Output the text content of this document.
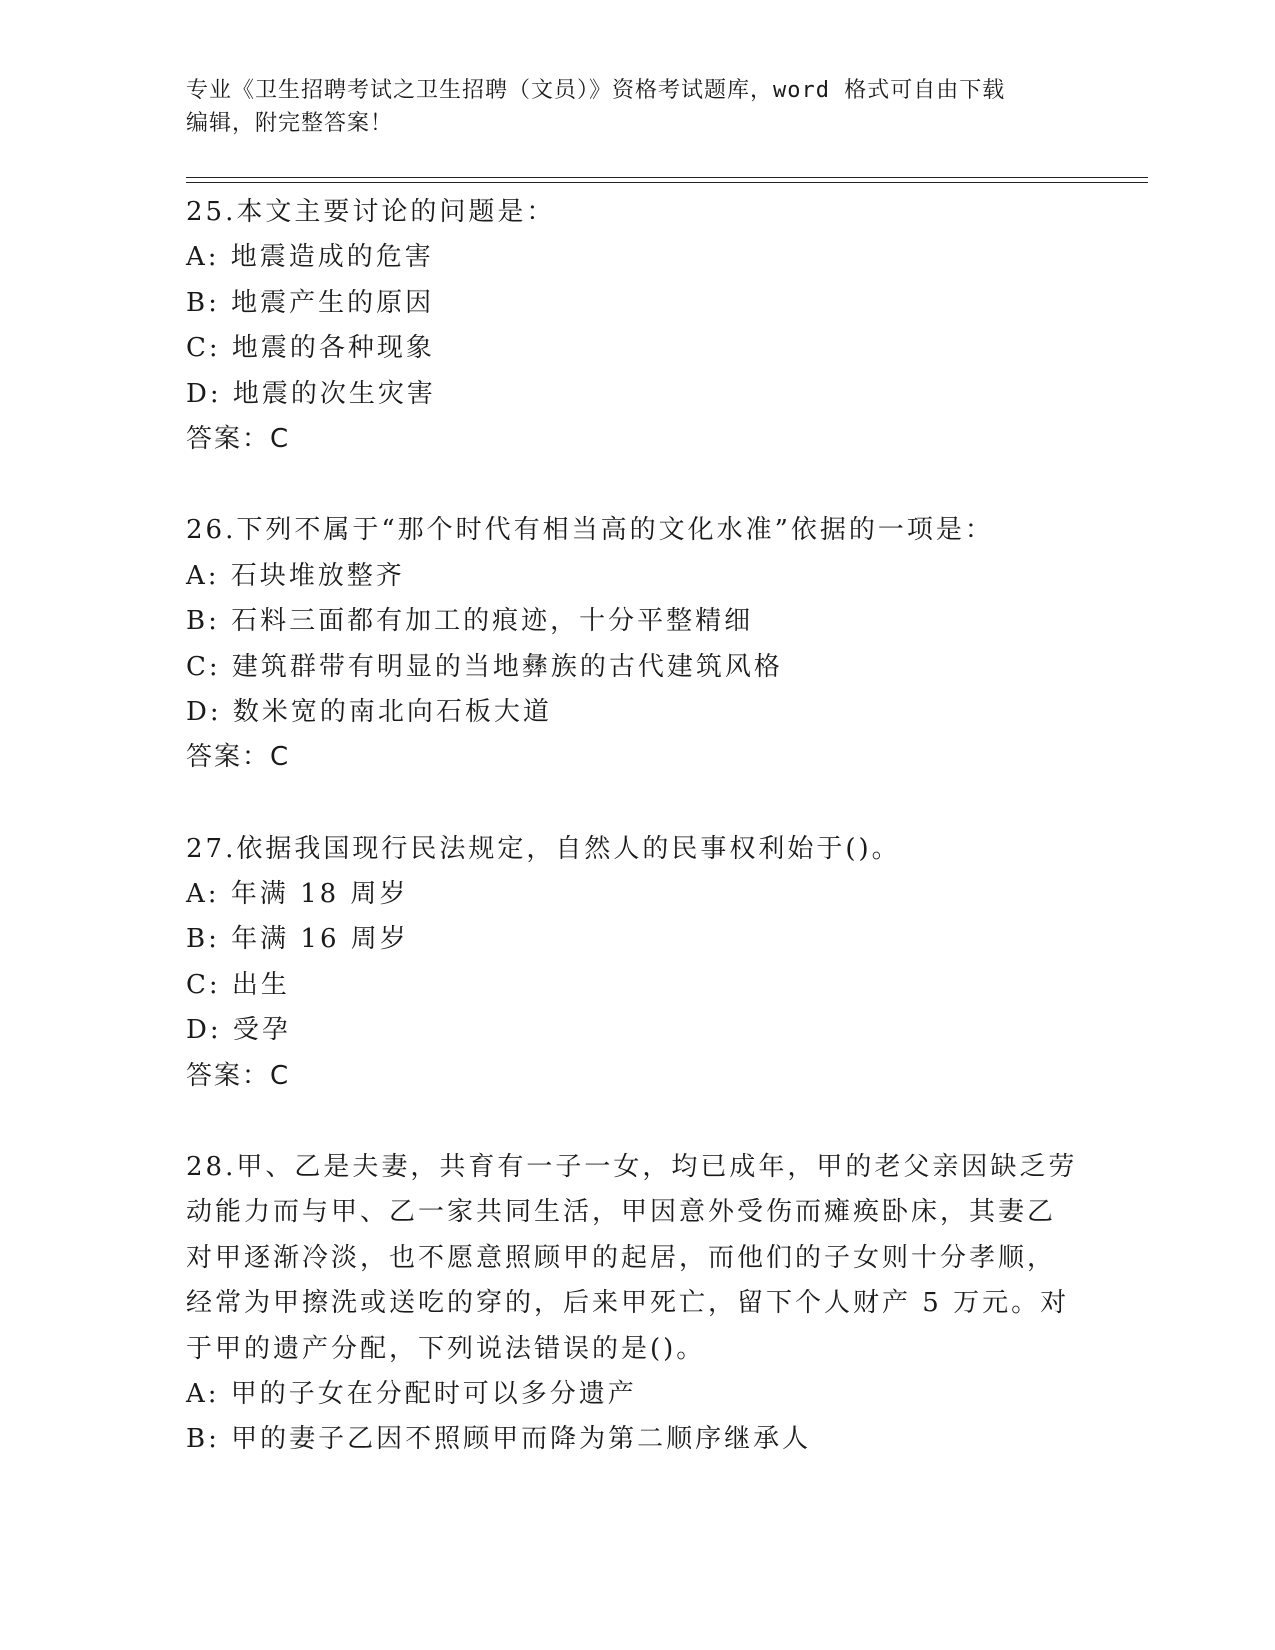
专业《卫生招聘考试之卫生招聘（文员）》资格考试题库，word 格式可自由下载
编辑，附完整答案！
25.本文主要讨论的问题是：
A: 地震造成的危害
B: 地震产生的原因
C: 地震的各种现象
D: 地震的次生灾害
答案：C
26.下列不属于“那个时代有相当高的文化水准”依据的一项是：
A: 石块堆放整齐
B: 石料三面都有加工的痕迹，十分平整精细
C: 建筑群带有明显的当地彝族的古代建筑风格
D: 数米宽的南北向石板大道
答案：C
27.依据我国现行民法规定，自然人的民事权利始于()。
A: 年满 18 周岁
B: 年满 16 周岁
C: 出生
D: 受孕
答案：C
28.甲、乙是夫妻，共育有一子一女，均已成年，甲的老父亲因缺乏劳
动能力而与甲、乙一家共同生活，甲因意外受伤而瘫痪卧床，其妻乙
对甲逐渐冷淡，也不愿意照顾甲的起居，而他们的子女则十分孝顺，
经常为甲擦洗或送吃的穿的，后来甲死亡，留下个人财产 5 万元。对
于甲的遗产分配，下列说法错误的是()。
A: 甲的子女在分配时可以多分遗产
B: 甲的妻子乙因不照顾甲而降为第二顺序继承人
